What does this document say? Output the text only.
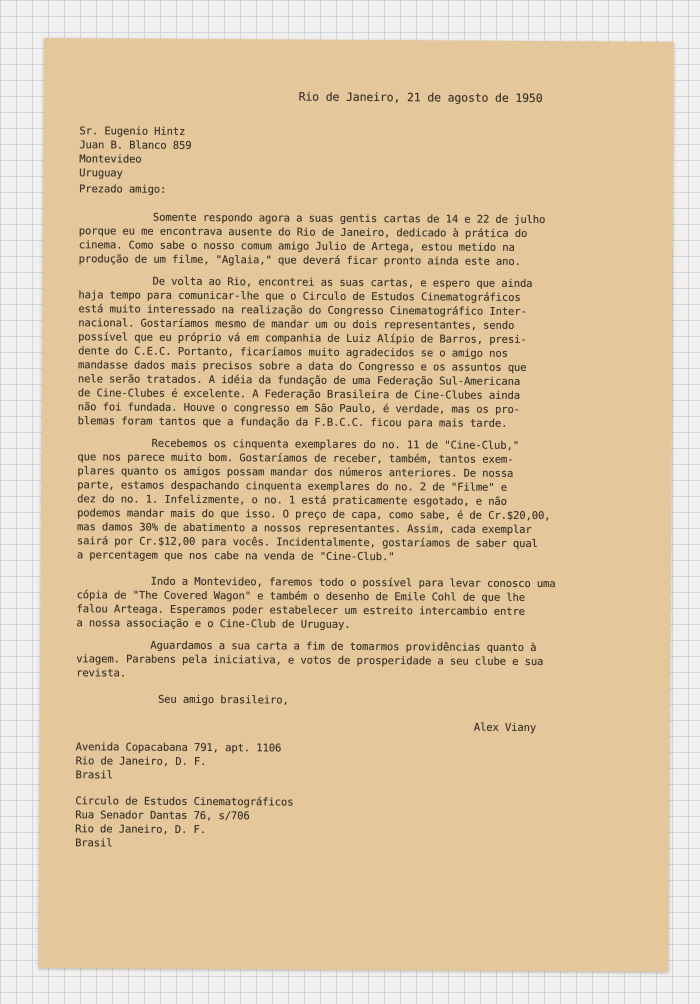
Rio de Janeiro, 21 de agosto de 1950
Sr. Eugenio Hintz
Juan B. Blanco 859
Montevideo
Uruguay
Prezado amigo:
Somente respondo agora a suas gentis cartas de 14 e 22 de julho
porque eu me encontrava ausente do Rio de Janeiro, dedicado à prática do
cinema. Como sabe o nosso comum amigo Julio de Artega, estou metido na
produção de um filme, "Aglaia," que deverá ficar pronto ainda este ano.
De volta ao Rio, encontrei as suas cartas, e espero que ainda
haja tempo para comunicar-lhe que o Circulo de Estudos Cinematográficos
está muito interessado na realização do Congresso Cinematográfico Inter-
nacional. Gostaríamos mesmo de mandar um ou dois representantes, sendo
possível que eu próprio vá em companhia de Luiz Alípio de Barros, presi-
dente do C.E.C. Portanto, ficaríamos muito agradecidos se o amigo nos
mandasse dados mais precisos sobre a data do Congresso e os assuntos que
nele serão tratados. A idéia da fundação de uma Federação Sul-Americana
de Cine-Clubes é excelente. A Federação Brasileira de Cine-Clubes ainda
não foi fundada. Houve o congresso em São Paulo, é verdade, mas os pro-
blemas foram tantos que a fundação da F.B.C.C. ficou para mais tarde.
Recebemos os cinquenta exemplares do no. 11 de "Cine-Club,"
que nos parece muito bom. Gostaríamos de receber, também, tantos exem-
plares quanto os amigos possam mandar dos números anteriores. De nossa
parte, estamos despachando cinquenta exemplares do no. 2 de "Filme" e
dez do no. 1. Infelizmente, o no. 1 está praticamente esgotado, e não
podemos mandar mais do que isso. O preço de capa, como sabe, é de Cr.$20,00,
mas damos 30% de abatimento a nossos representantes. Assim, cada exemplar
sairá por Cr.$12,00 para vocês. Incidentalmente, gostaríamos de saber qual
a percentagem que nos cabe na venda de "Cine-Club."
Indo a Montevideo, faremos todo o possível para levar conosco uma
cópia de "The Covered Wagon" e também o desenho de Emile Cohl de que lhe
falou Arteaga. Esperamos poder estabelecer um estreito intercambio entre
a nossa associação e o Cine-Club de Uruguay.
Aguardamos a sua carta a fim de tomarmos providências quanto à
viagem. Parabens pela iniciativa, e votos de prosperidade a seu clube e sua
revista.
Seu amigo brasileiro,
Alex Viany
Avenida Copacabana 791, apt. 1106
Rio de Janeiro, D. F.
Brasil
Circulo de Estudos Cinematográficos
Rua Senador Dantas 76, s/706
Rio de Janeiro, D. F.
Brasil
